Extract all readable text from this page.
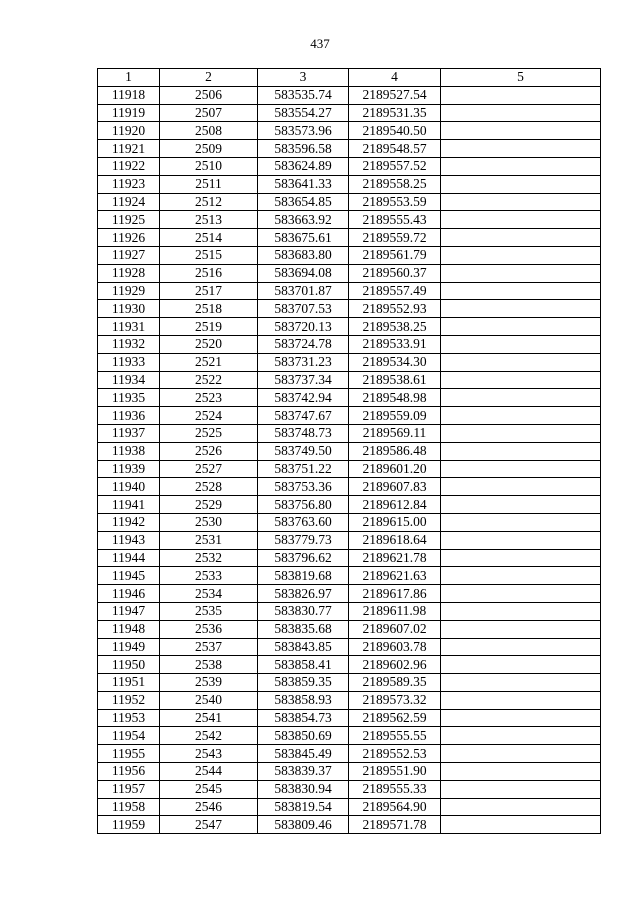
437
1	2	3	4	5
11918	2506	583535.74	2189527.54	
11919	2507	583554.27	2189531.35	
11920	2508	583573.96	2189540.50	
11921	2509	583596.58	2189548.57	
11922	2510	583624.89	2189557.52	
11923	2511	583641.33	2189558.25	
11924	2512	583654.85	2189553.59	
11925	2513	583663.92	2189555.43	
11926	2514	583675.61	2189559.72	
11927	2515	583683.80	2189561.79	
11928	2516	583694.08	2189560.37	
11929	2517	583701.87	2189557.49	
11930	2518	583707.53	2189552.93	
11931	2519	583720.13	2189538.25	
11932	2520	583724.78	2189533.91	
11933	2521	583731.23	2189534.30	
11934	2522	583737.34	2189538.61	
11935	2523	583742.94	2189548.98	
11936	2524	583747.67	2189559.09	
11937	2525	583748.73	2189569.11	
11938	2526	583749.50	2189586.48	
11939	2527	583751.22	2189601.20	
11940	2528	583753.36	2189607.83	
11941	2529	583756.80	2189612.84	
11942	2530	583763.60	2189615.00	
11943	2531	583779.73	2189618.64	
11944	2532	583796.62	2189621.78	
11945	2533	583819.68	2189621.63	
11946	2534	583826.97	2189617.86	
11947	2535	583830.77	2189611.98	
11948	2536	583835.68	2189607.02	
11949	2537	583843.85	2189603.78	
11950	2538	583858.41	2189602.96	
11951	2539	583859.35	2189589.35	
11952	2540	583858.93	2189573.32	
11953	2541	583854.73	2189562.59	
11954	2542	583850.69	2189555.55	
11955	2543	583845.49	2189552.53	
11956	2544	583839.37	2189551.90	
11957	2545	583830.94	2189555.33	
11958	2546	583819.54	2189564.90	
11959	2547	583809.46	2189571.78	
